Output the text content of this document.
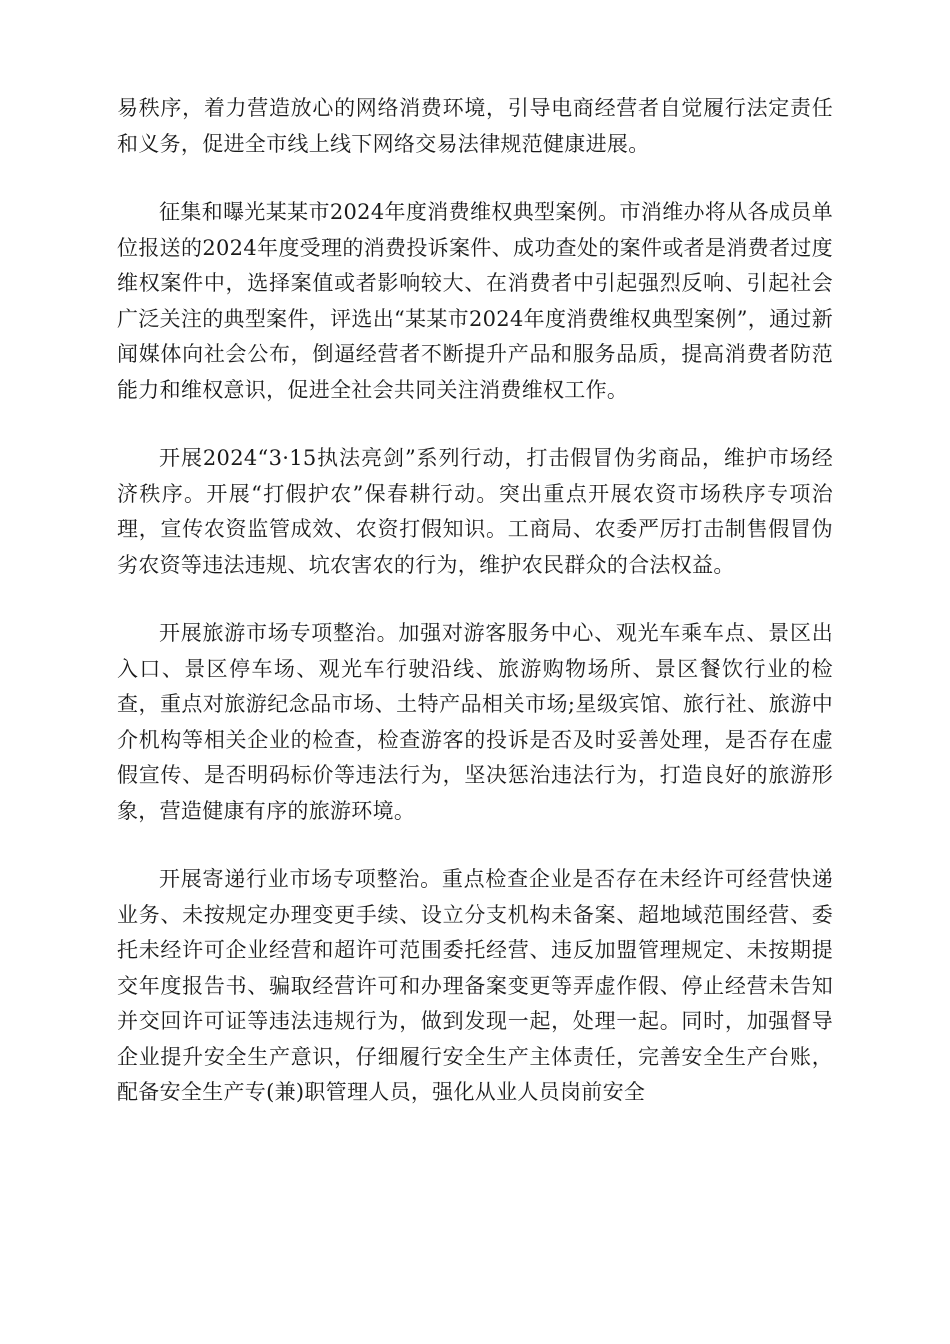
易秩序，着力营造放心的网络消费环境，引导电商经营者自觉履行法定责任和义务，促进全市线上线下网络交易法律规范健康进展。

征集和曝光某某市2024年度消费维权典型案例。市消维办将从各成员单位报送的2024年度受理的消费投诉案件、成功查处的案件或者是消费者过度维权案件中，选择案值或者影响较大、在消费者中引起强烈反响、引起社会广泛关注的典型案件，评选出“某某市2024年度消费维权典型案例”，通过新闻媒体向社会公布，倒逼经营者不断提升产品和服务品质，提高消费者防范能力和维权意识，促进全社会共同关注消费维权工作。

开展2024“3·15执法亮剑”系列行动，打击假冒伪劣商品，维护市场经济秩序。开展“打假护农”保春耕行动。突出重点开展农资市场秩序专项治理，宣传农资监管成效、农资打假知识。工商局、农委严厉打击制售假冒伪劣农资等违法违规、坑农害农的行为，维护农民群众的合法权益。

开展旅游市场专项整治。加强对游客服务中心、观光车乘车点、景区出入口、景区停车场、观光车行驶沿线、旅游购物场所、景区餐饮行业的检查，重点对旅游纪念品市场、土特产品相关市场;星级宾馆、旅行社、旅游中介机构等相关企业的检查，检查游客的投诉是否及时妥善处理，是否存在虚假宣传、是否明码标价等违法行为，坚决惩治违法行为，打造良好的旅游形象，营造健康有序的旅游环境。

开展寄递行业市场专项整治。重点检查企业是否存在未经许可经营快递业务、未按规定办理变更手续、设立分支机构未备案、超地域范围经营、委托未经许可企业经营和超许可范围委托经营、违反加盟管理规定、未按期提交年度报告书、骗取经营许可和办理备案变更等弄虚作假、停止经营未告知并交回许可证等违法违规行为，做到发现一起，处理一起。同时，加强督导企业提升安全生产意识，仔细履行安全生产主体责任，完善安全生产台账，配备安全生产专(兼)职管理人员，强化从业人员岗前安全
